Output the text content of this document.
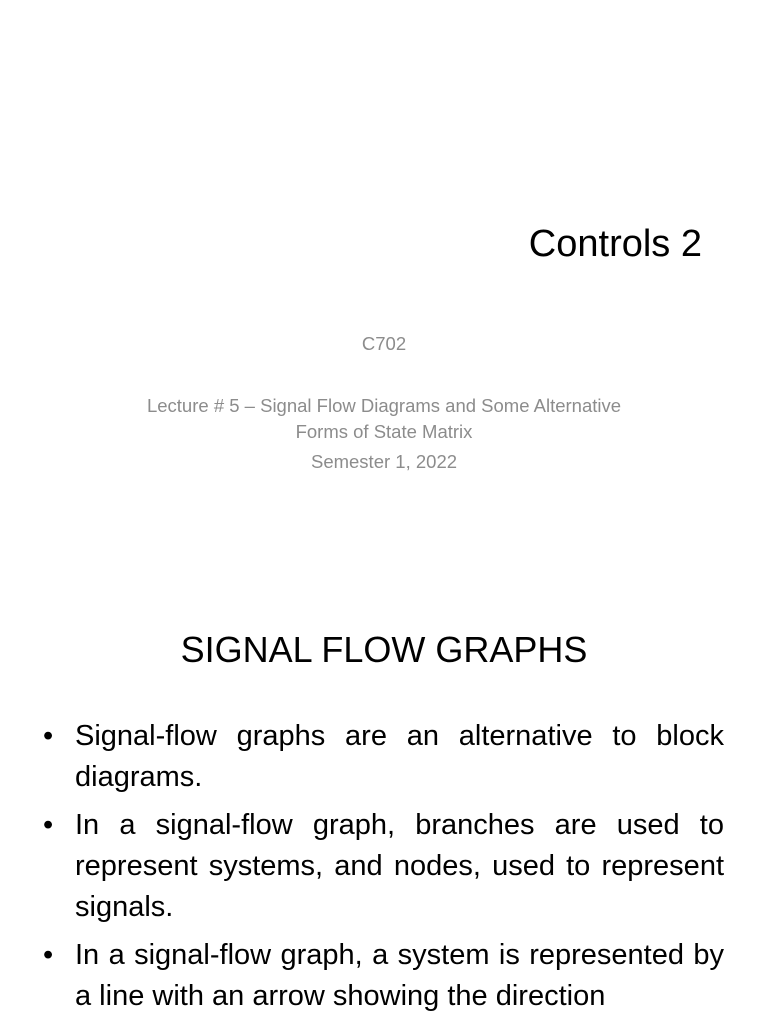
Controls 2
C702
Lecture # 5 – Signal Flow Diagrams and Some Alternative Forms of State Matrix
Semester 1, 2022
SIGNAL FLOW GRAPHS
• Signal-flow graphs are an alternative to block diagrams.
• In a signal-flow graph, branches are used to represent systems, and nodes, used to represent signals.
• In a signal-flow graph, a system is represented by a line with an arrow showing the direction
